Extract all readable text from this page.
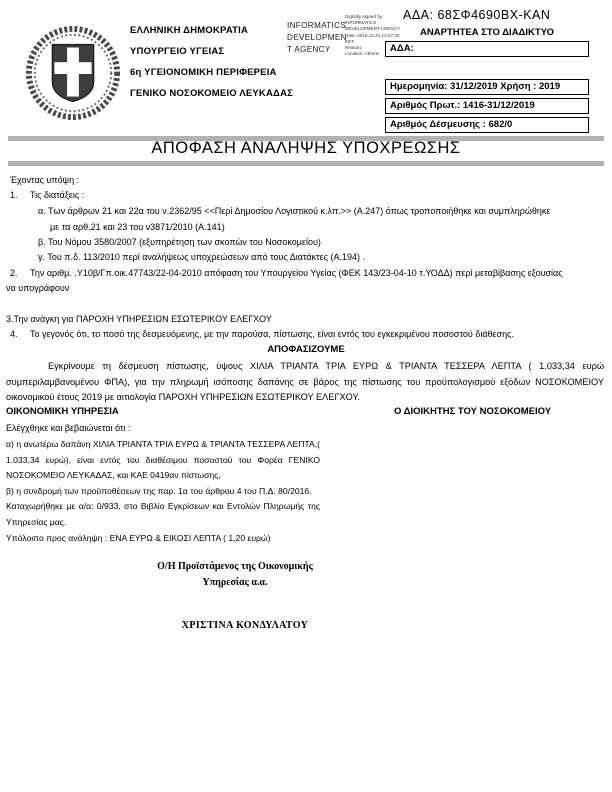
ΑΔΑ: 68ΣΦ4690ΒΧ-ΚΑΝ
ΕΛΛΗΝΙΚΗ ΔΗΜΟΚΡΑΤΙΑ
ΥΠΟΥΡΓΕΙΟ ΥΓΕΙΑΣ
6η ΥΓΕΙΟΝΟΜΙΚΗ ΠΕΡΙΦΕΡΕΙΑ
ΓΕΝΙΚΟ ΝΟΣΟΚΟΜΕΙΟ ΛΕΥΚΑΔΑΣ
INFORMATICS
DEVELOPMEN
T AGENCY
Digitally signed by
INFORMATICS
DEVELOPMENT AGENCY
Date: 2019.12.31 12:27:33
EET
Reason:
Location: Athens
ΑΝΑΡΤΗΤΕΑ ΣΤΟ ΔΙΑΔΙΚΤΥΟ
ΑΔΑ:
Ημερομηνία: 31/12/2019 Χρήση : 2019
Αριθμός Πρωτ.: 1416-31/12/2019
Αριθμός Δέσμευσης : 682/0
ΑΠΟΦΑΣΗ ΑΝΑΛΗΨΗΣ ΥΠΟΧΡΕΩΣΗΣ
Έχοντας υπόψη :
1. Τις διατάξεις :
α. Των άρθρων 21 και 22α του ν.2362/95 <<Περί Δημοσίου Λογιστικού κ.λπ.>> (Α.247) όπως τροποποιήθηκε και συμπληρώθηκε
με τα αρθ.21 και 23 του ν3871/2010 (Α.141)
β. Του Νόμου 3580/2007 (εξυπηρέτηση των σκοπών του Νοσοκομείου)
γ. Του π.δ. 113/2010 περί αναλήψεως υποχρεώσεων από τους Διατάκτες (Α.194) .
2. Την αριθμ. .Υ10β/Γπ.οικ.47743/22-04-2010 απόφαση του Υπουργείου Υγείας (ΦΕΚ 143/23-04-10 τ.ΥΟΔΔ) περί μεταβίβασης εξουσίας
να υπογράφουν
3.Την ανάγκη για ΠΑΡΟΧΗ ΥΠΗΡΕΣΙΩΝ ΕΣΩΤΕΡΙΚΟΥ ΕΛΕΓΧΟΥ
4. Το γεγονός ότι, το ποσό της δεσμευόμενης, με την παρούσα, πίστωσης, είναι εντός του εγκεκριμένου ποσοστού διάθεσης.
ΑΠΟΦΑΣΙΖΟΥΜΕ
Εγκρίνουμε τη δέσμευση πίστωσης, ύψους ΧΙΛΙΑ ΤΡΙΑΝΤΑ ΤΡΙΑ ΕΥΡΩ & ΤΡΙΑΝΤΑ ΤΕΣΣΕΡΑ ΛΕΠΤΑ ( 1.033,34 ευρώ συμπεριλαμβανομένου ΦΠΑ), για την πληρωμή ισόποσης δαπάνης σε βάρος της πίστωσης του προϋπολογισμού εξόδων ΝΟΣΟΚΟΜΕΙΟΥ οικονομικού έτους 2019 με αιτιολογία ΠΑΡΟΧΗ ΥΠΗΡΕΣΙΩΝ ΕΣΩΤΕΡΙΚΟΥ ΕΛΕΓΧΟΥ.
ΟΙΚΟΝΟΜΙΚΗ ΥΠΗΡΕΣΙΑ	Ο ΔΙΟΙΚΗΤΗΣ ΤΟΥ ΝΟΣΟΚΟΜΕΙΟΥ
Ελέγχθηκε και βεβαιώνεται ότι :

α) η ανωτέρω δαπάνη ΧΙΛΙΑ ΤΡΙΑΝΤΑ ΤΡΙΑ ΕΥΡΩ & ΤΡΙΑΝΤΑ ΤΕΣΣΕΡΑ ΛΕΠΤΑ,( 1.033,34 ευρώ), είναι εντός του διαθέσιμου ποσοστού του Φορέα ΓΕΝΙΚΟ ΝΟΣΟΚΟΜΕΙΟ ΛΕΥΚΑΔΑΣ, και ΚΑΕ 0419αν πίστωσης,

β) η συνδρομή των προϋποθέσεων της παρ. 1α του άρθρου 4 του Π.Δ. 80/2016.

Καταχωρήθηκε με α/α: 0/933, στο Βιβλίο Εγκρίσεων και Εντολών Πληρωμής της Υπηρεσίας μας.

Υπόλοιπο προς ανάληψη : ΕΝΑ ΕΥΡΩ & ΕΙΚΟΣΙ ΛΕΠΤΑ ( 1,20 ευρώ)

Ο/Η Προϊστάμενος της Οικονομικής
Υπηρεσίας α.α.
ΧΡΙΣΤΙΝΑ ΚΟΝΔΥΛΑΤΟΥ
